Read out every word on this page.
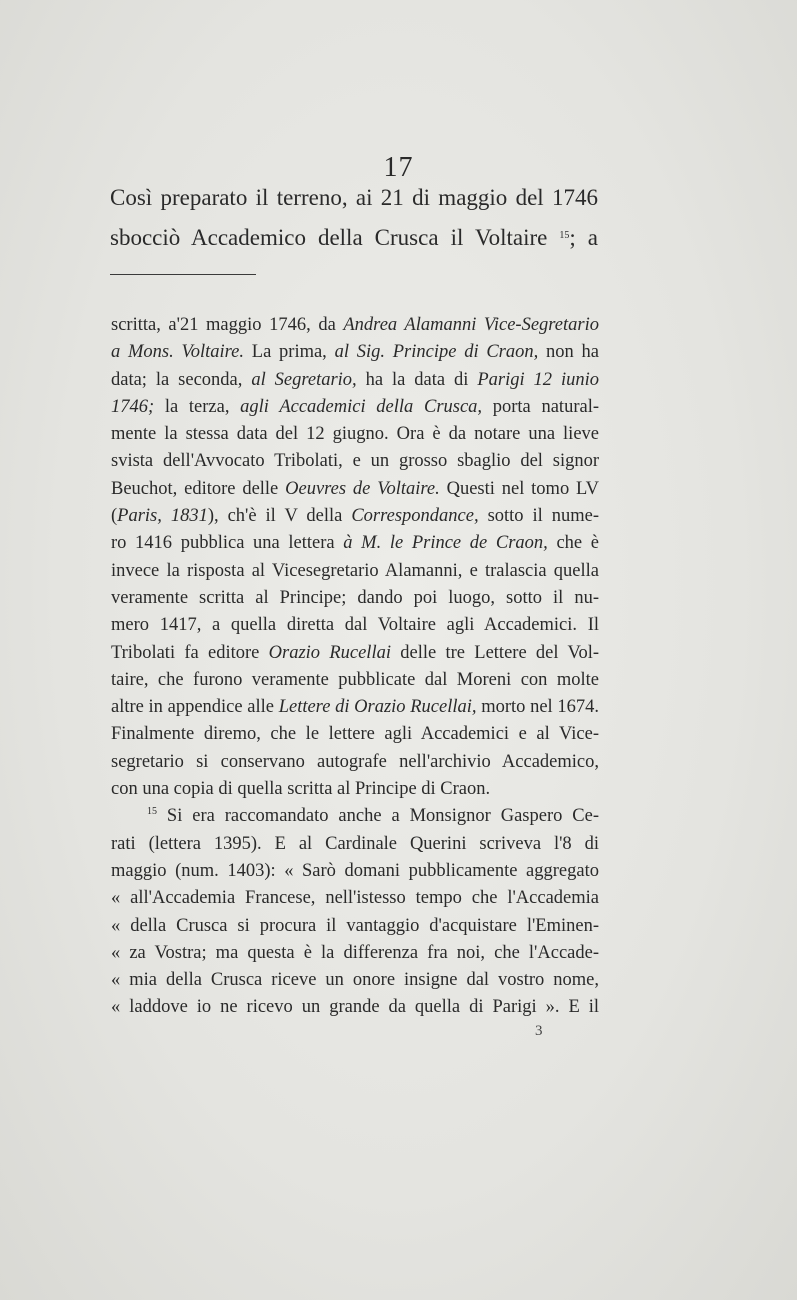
17
Così preparato il terreno, ai 21 di maggio del 1746
sbocciò Accademico della Crusca il Voltaire $^{15}$; a
scritta, a'21 maggio 1746, da Andrea Alamanni Vice-Segretario
a Mons. Voltaire. La prima, al Sig. Principe di Craon, non ha
data; la seconda, al Segretario, ha la data di Parigi 12 iunio
1746; la terza, agli Accademici della Crusca, porta natural-
mente la stessa data del 12 giugno. Ora è da notare una lieve
svista dell'Avvocato Tribolati, e un grosso sbaglio del signor
Beuchot, editore delle Oeuvres de Voltaire. Questi nel tomo LV
(Paris, 1831), ch'è il V della Correspondance, sotto il nume-
ro 1416 pubblica una lettera à M. le Prince de Craon, che è
invece la risposta al Vicesegretario Alamanni, e tralascia quella
veramente scritta al Principe; dando poi luogo, sotto il nu-
mero 1417, a quella diretta dal Voltaire agli Accademici. Il
Tribolati fa editore Orazio Rucellai delle tre Lettere del Vol-
taire, che furono veramente pubblicate dal Moreni con molte
altre in appendice alle Lettere di Orazio Rucellai, morto nel 1674.
Finalmente diremo, che le lettere agli Accademici e al Vice-
segretario si conservano autografe nell'archivio Accademico,
con una copia di quella scritta al Principe di Craon.
$^{15}$ Si era raccomandato anche a Monsignor Gaspero Ce-
rati (lettera 1395). E al Cardinale Querini scriveva l'8 di
maggio (num. 1403): « Sarò domani pubblicamente aggregato
« all'Accademia Francese, nell'istesso tempo che l'Accademia
« della Crusca si procura il vantaggio d'acquistare l'Eminen-
« za Vostra; ma questa è la differenza fra noi, che l'Accade-
« mia della Crusca riceve un onore insigne dal vostro nome,
« laddove io ne ricevo un grande da quella di Parigi ». E il
3
